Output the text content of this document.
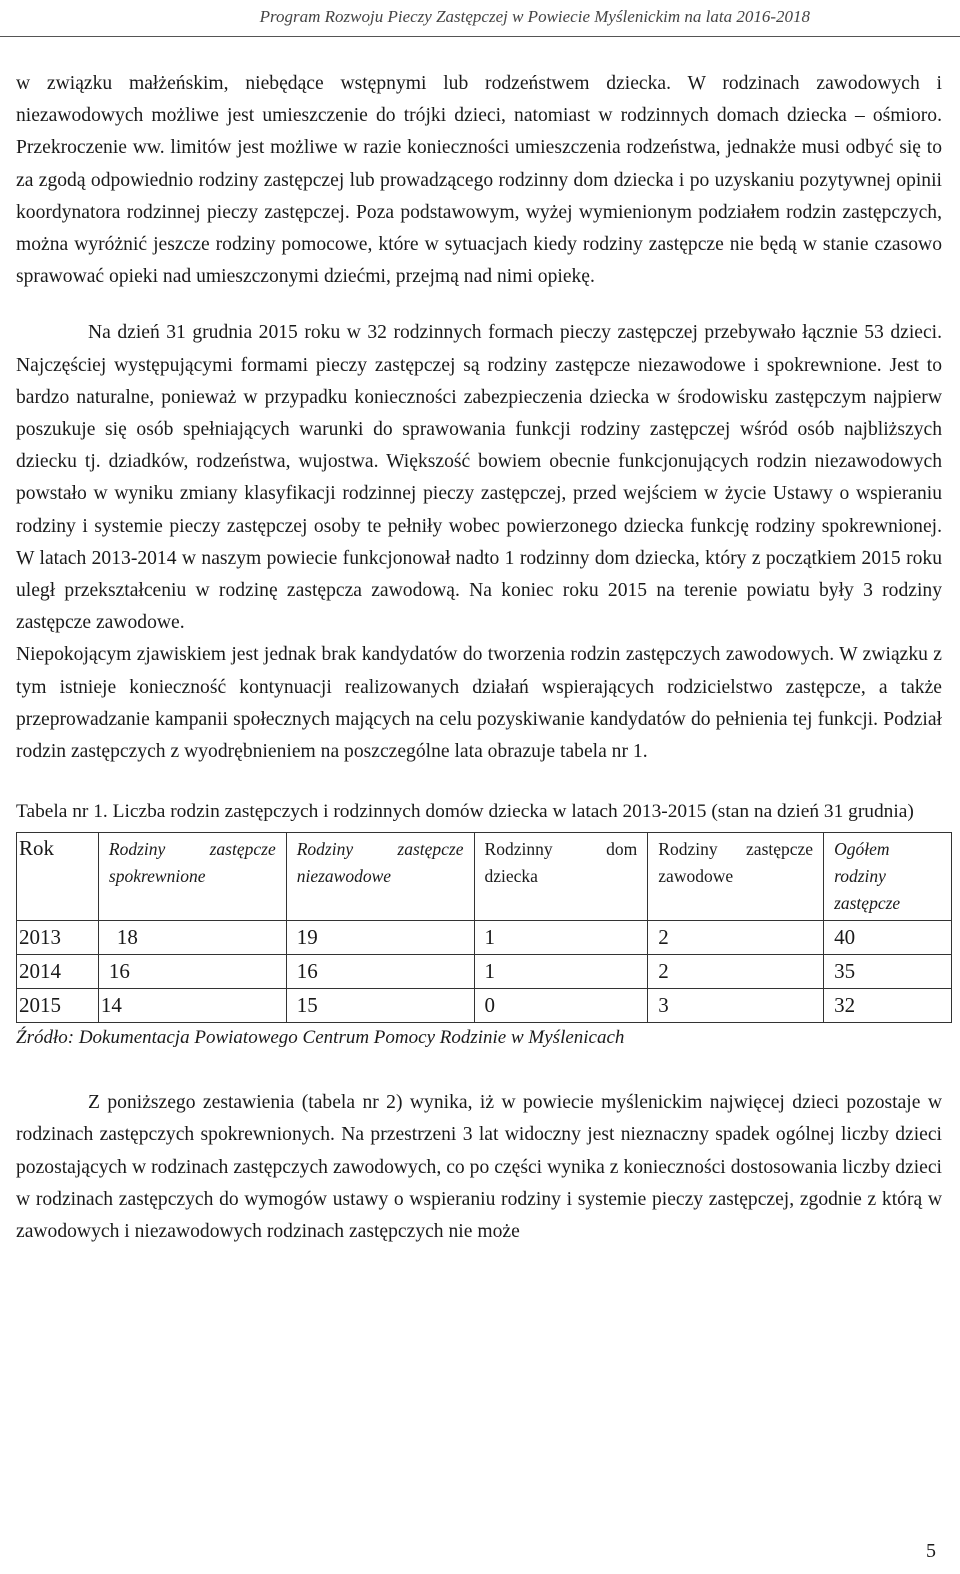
Program Rozwoju Pieczy Zastępczej w Powiecie Myślenickim na lata 2016-2018

w związku małżeńskim, niebędące wstępnymi lub rodzeństwem dziecka. W rodzinach zawodowych i niezawodowych możliwe jest umieszczenie do trójki dzieci, natomiast w rodzinnych domach dziecka – ośmioro. Przekroczenie ww. limitów jest możliwe w razie konieczności umieszczenia rodzeństwa, jednakże musi odbyć się to za zgodą odpowiednio rodziny zastępczej lub prowadzącego rodzinny dom dziecka i po uzyskaniu pozytywnej opinii koordynatora rodzinnej pieczy zastępczej. Poza podstawowym, wyżej wymienionym podziałem rodzin zastępczych, można wyróżnić jeszcze rodziny pomocowe, które w sytuacjach kiedy rodziny zastępcze nie będą w stanie czasowo sprawować opieki nad umieszczonymi dziećmi, przejmą nad nimi opiekę.

Na dzień 31 grudnia 2015 roku w 32 rodzinnych formach pieczy zastępczej przebywało łącznie 53 dzieci. Najczęściej występującymi formami pieczy zastępczej są rodziny zastępcze niezawodowe i spokrewnione. Jest to bardzo naturalne, ponieważ w przypadku konieczności zabezpieczenia dziecka w środowisku zastępczym najpierw poszukuje się osób spełniających warunki do sprawowania funkcji rodziny zastępczej wśród osób najbliższych dziecku tj. dziadków, rodzeństwa, wujostwa. Większość bowiem obecnie funkcjonujących rodzin niezawodowych powstało w wyniku zmiany klasyfikacji rodzinnej pieczy zastępczej, przed wejściem w życie Ustawy o wspieraniu rodziny i systemie pieczy zastępczej osoby te pełniły wobec powierzonego dziecka funkcję rodziny spokrewnionej. W latach 2013-2014 w naszym powiecie funkcjonował nadto 1 rodzinny dom dziecka, który z początkiem 2015 roku uległ przekształceniu w rodzinę zastępcza zawodową. Na koniec roku 2015 na terenie powiatu były 3 rodziny zastępcze zawodowe.

Niepokojącym zjawiskiem jest jednak brak kandydatów do tworzenia rodzin zastępczych zawodowych. W związku z tym istnieje konieczność kontynuacji realizowanych działań wspierających rodzicielstwo zastępcze, a także przeprowadzanie kampanii społecznych mających na celu pozyskiwanie kandydatów do pełnienia tej funkcji. Podział rodzin zastępczych z wyodrębnieniem na poszczególne lata obrazuje tabela nr 1.

Tabela nr 1. Liczba rodzin zastępczych i rodzinnych domów dziecka w latach 2013-2015 (stan na dzień 31 grudnia)

Rok	Rodziny zastępcze spokrewnione	Rodziny zastępcze niezawodowe	Rodzinny dom dziecka	Rodziny zastępcze zawodowe	Ogółem rodziny zastępcze
2013	18	19	1	2	40
2014	16	16	1	2	35
2015	14	15	0	3	32
Źródło: Dokumentacja Powiatowego Centrum Pomocy Rodzinie w Myślenicach

Z poniższego zestawienia (tabela nr 2) wynika, iż w powiecie myślenickim najwięcej dzieci pozostaje w rodzinach zastępczych spokrewnionych. Na przestrzeni 3 lat widoczny jest nieznaczny spadek ogólnej liczby dzieci pozostających w rodzinach zastępczych zawodowych, co po części wynika z konieczności dostosowania liczby dzieci w rodzinach zastępczych do wymogów ustawy o wspieraniu rodziny i systemie pieczy zastępczej, zgodnie z którą w zawodowych i niezawodowych rodzinach zastępczych nie może

5
